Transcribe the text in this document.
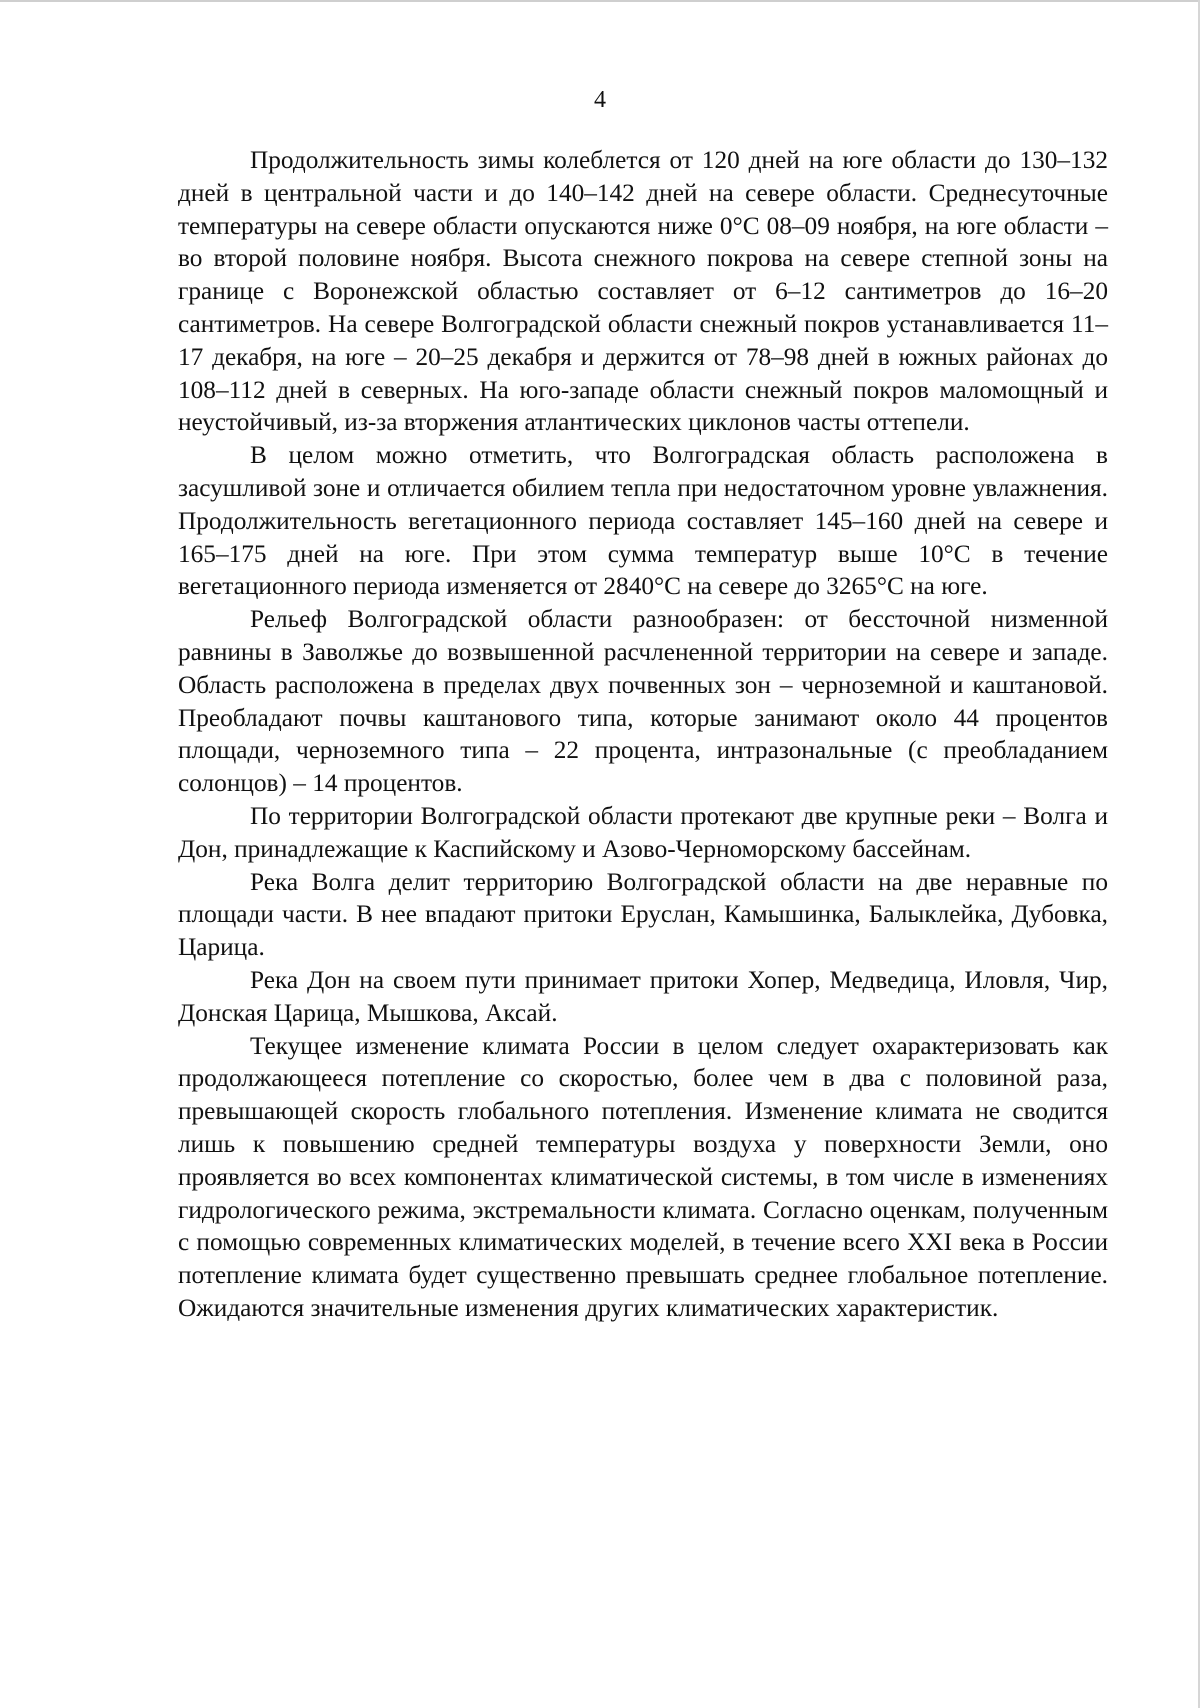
4

Продолжительность зимы колеблется от 120 дней на юге области до 130–132 дней в центральной части и до 140–142 дней на севере области. Среднесуточные температуры на севере области опускаются ниже 0°С 08–09 ноября, на юге области – во второй половине ноября. Высота снежного покрова на севере степной зоны на границе с Воронежской областью составляет от 6–12 сантиметров до 16–20 сантиметров. На севере Волгоградской области снежный покров устанавливается 11–17 декабря, на юге – 20–25 декабря и держится от 78–98 дней в южных районах до 108–112 дней в северных. На юго-западе области снежный покров маломощный и неустойчивый, из-за вторжения атлантических циклонов часты оттепели.

В целом можно отметить, что Волгоградская область расположена в засушливой зоне и отличается обилием тепла при недостаточном уровне увлажнения. Продолжительность вегетационного периода составляет 145–160 дней на севере и 165–175 дней на юге. При этом сумма температур выше 10°С в течение вегетационного периода изменяется от 2840°С на севере до 3265°С на юге.

Рельеф Волгоградской области разнообразен: от бессточной низменной равнины в Заволжье до возвышенной расчлененной территории на севере и западе. Область расположена в пределах двух почвенных зон – черноземной и каштановой. Преобладают почвы каштанового типа, которые занимают около 44 процентов площади, черноземного типа – 22 процента, интразональные (с преобладанием солонцов) – 14 процентов.

По территории Волгоградской области протекают две крупные реки – Волга и Дон, принадлежащие к Каспийскому и Азово-Черноморскому бассейнам.

Река Волга делит территорию Волгоградской области на две неравные по площади части. В нее впадают притоки Еруслан, Камышинка, Балыклейка, Дубовка, Царица.

Река Дон на своем пути принимает притоки Хопер, Медведица, Иловля, Чир, Донская Царица, Мышкова, Аксай.

Текущее изменение климата России в целом следует охарактеризовать как продолжающееся потепление со скоростью, более чем в два с половиной раза, превышающей скорость глобального потепления. Изменение климата не сводится лишь к повышению средней температуры воздуха у поверхности Земли, оно проявляется во всех компонентах климатической системы, в том числе в изменениях гидрологического режима, экстремальности климата. Согласно оценкам, полученным с помощью современных климатических моделей, в течение всего XXI века в России потепление климата будет существенно превышать среднее глобальное потепление. Ожидаются значительные изменения других климатических характеристик.
